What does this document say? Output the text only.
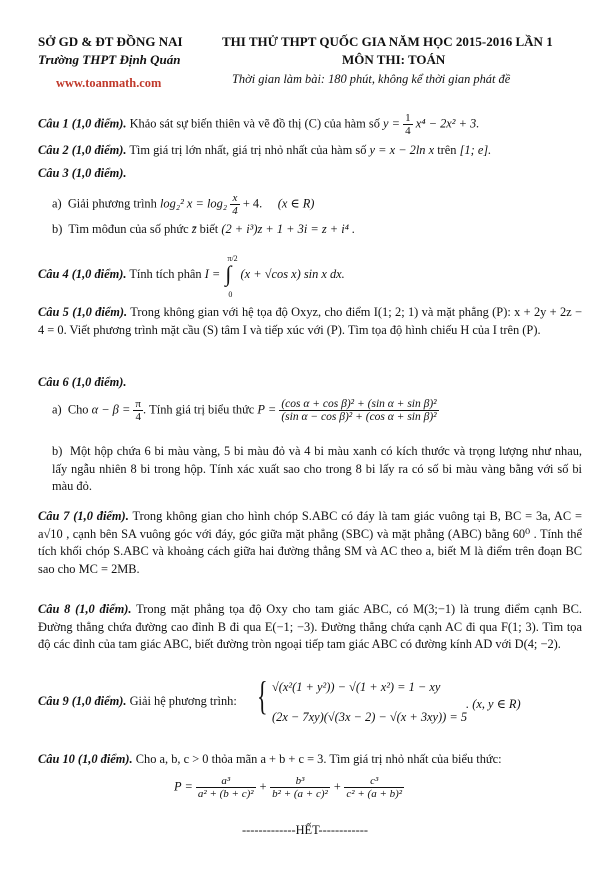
SỞ GD & ĐT ĐỒNG NAI
Trường THPT Định Quán
www.toanmath.com
THI THỬ THPT QUỐC GIA NĂM HỌC 2015-2016 LẦN 1
MÔN THI: TOÁN
Thời gian làm bài: 180 phút, không kể thời gian phát đề
Câu 1 (1,0 điểm). Khảo sát sự biến thiên và vẽ đồ thị (C) của hàm số $y = \frac{1}{4} x^4 - 2x^2 + 3$.
Câu 2 (1,0 điểm). Tìm giá trị lớn nhất, giá trị nhỏ nhất của hàm số y = x − 2ln x trên [1; e].
Câu 3 (1,0 điểm).
a) Giải phương trình log₂² $x = \log_2 \frac{x}{4} + 4$. (x ∈ R)
b) Tìm môđun của số phức z̄ biết (2 + i³)z + 1 + 3i = z + i⁴ .
Câu 4 (1,0 điểm). Tính tích phân I = ∫
π/2
0
(x + √cos x) sin x dx.
Câu 5 (1,0 điểm). Trong không gian với hệ tọa độ Oxyz, cho điểm I(1; 2; 1) và mặt phẳng (P): x + 2y + 2z − 4 = 0. Viết phương trình mặt cầu (S) tâm I và tiếp xúc với (P). Tìm tọa độ hình chiếu H của I trên (P).
Câu 6 (1,0 điểm).
a) Cho $\alpha - \beta = \frac{\pi}{4}$ . Tính giá trị biểu thức $P = \frac{\text{(cos α + cos β)² + (sin α + sin β)²}}{\text{(sin α − cos β)² + (cos α + sin β)²}}$
b) Một hộp chứa 6 bi màu vàng, 5 bi màu đỏ và 4 bi màu xanh có kích thước và trọng lượng như nhau, lấy ngẫu nhiên 8 bi trong hộp. Tính xác xuất sao cho trong 8 bi lấy ra có số bi màu vàng bằng với số bi màu đỏ.
Câu 7 (1,0 điểm). Trong không gian cho hình chóp S.ABC có đáy là tam giác vuông tại B, BC = 3a, AC = a√10 , cạnh bên SA vuông góc với đáy, góc giữa mặt phẳng (SBC) và mặt phẳng (ABC) bằng 60⁰ . Tính thể tích khối chóp S.ABC và khoảng cách giữa hai đường thẳng SM và AC theo a, biết M là điểm trên đoạn BC sao cho MC = 2MB.
Câu 8 (1,0 điểm). Trong mặt phẳng tọa độ Oxy cho tam giác ABC, có M(3;−1) là trung điểm cạnh BC. Đường thẳng chứa đường cao đỉnh B đi qua E(−1; −3). Đường thẳng chứa cạnh AC đi qua F(1; 3). Tìm tọa độ các đỉnh của tam giác ABC, biết đường tròn ngoại tiếp tam giác ABC có đường kính AD với D(4; −2).
Câu 9 (1,0 điểm). Giải hệ phương trình: { √(x²(1 + y²)) − √(1 + x²) = 1 − xy
(2x − 7xy)(√(3x − 2) − √(x + 3xy)) = 5
. (x, y ∈ R)
Câu 10 (1,0 điểm). Cho a, b, c > 0 thỏa mãn a + b + c = 3. Tìm giá trị nhỏ nhất của biểu thức:
$P = \frac{\text{a³}}{\text{a² + (b + c)²}} + \frac{\text{b³}}{\text{b² + (a + c)²}} + \frac{\text{c³}}{\text{c² + (a + b)²}}$
-------------HẾT------------
